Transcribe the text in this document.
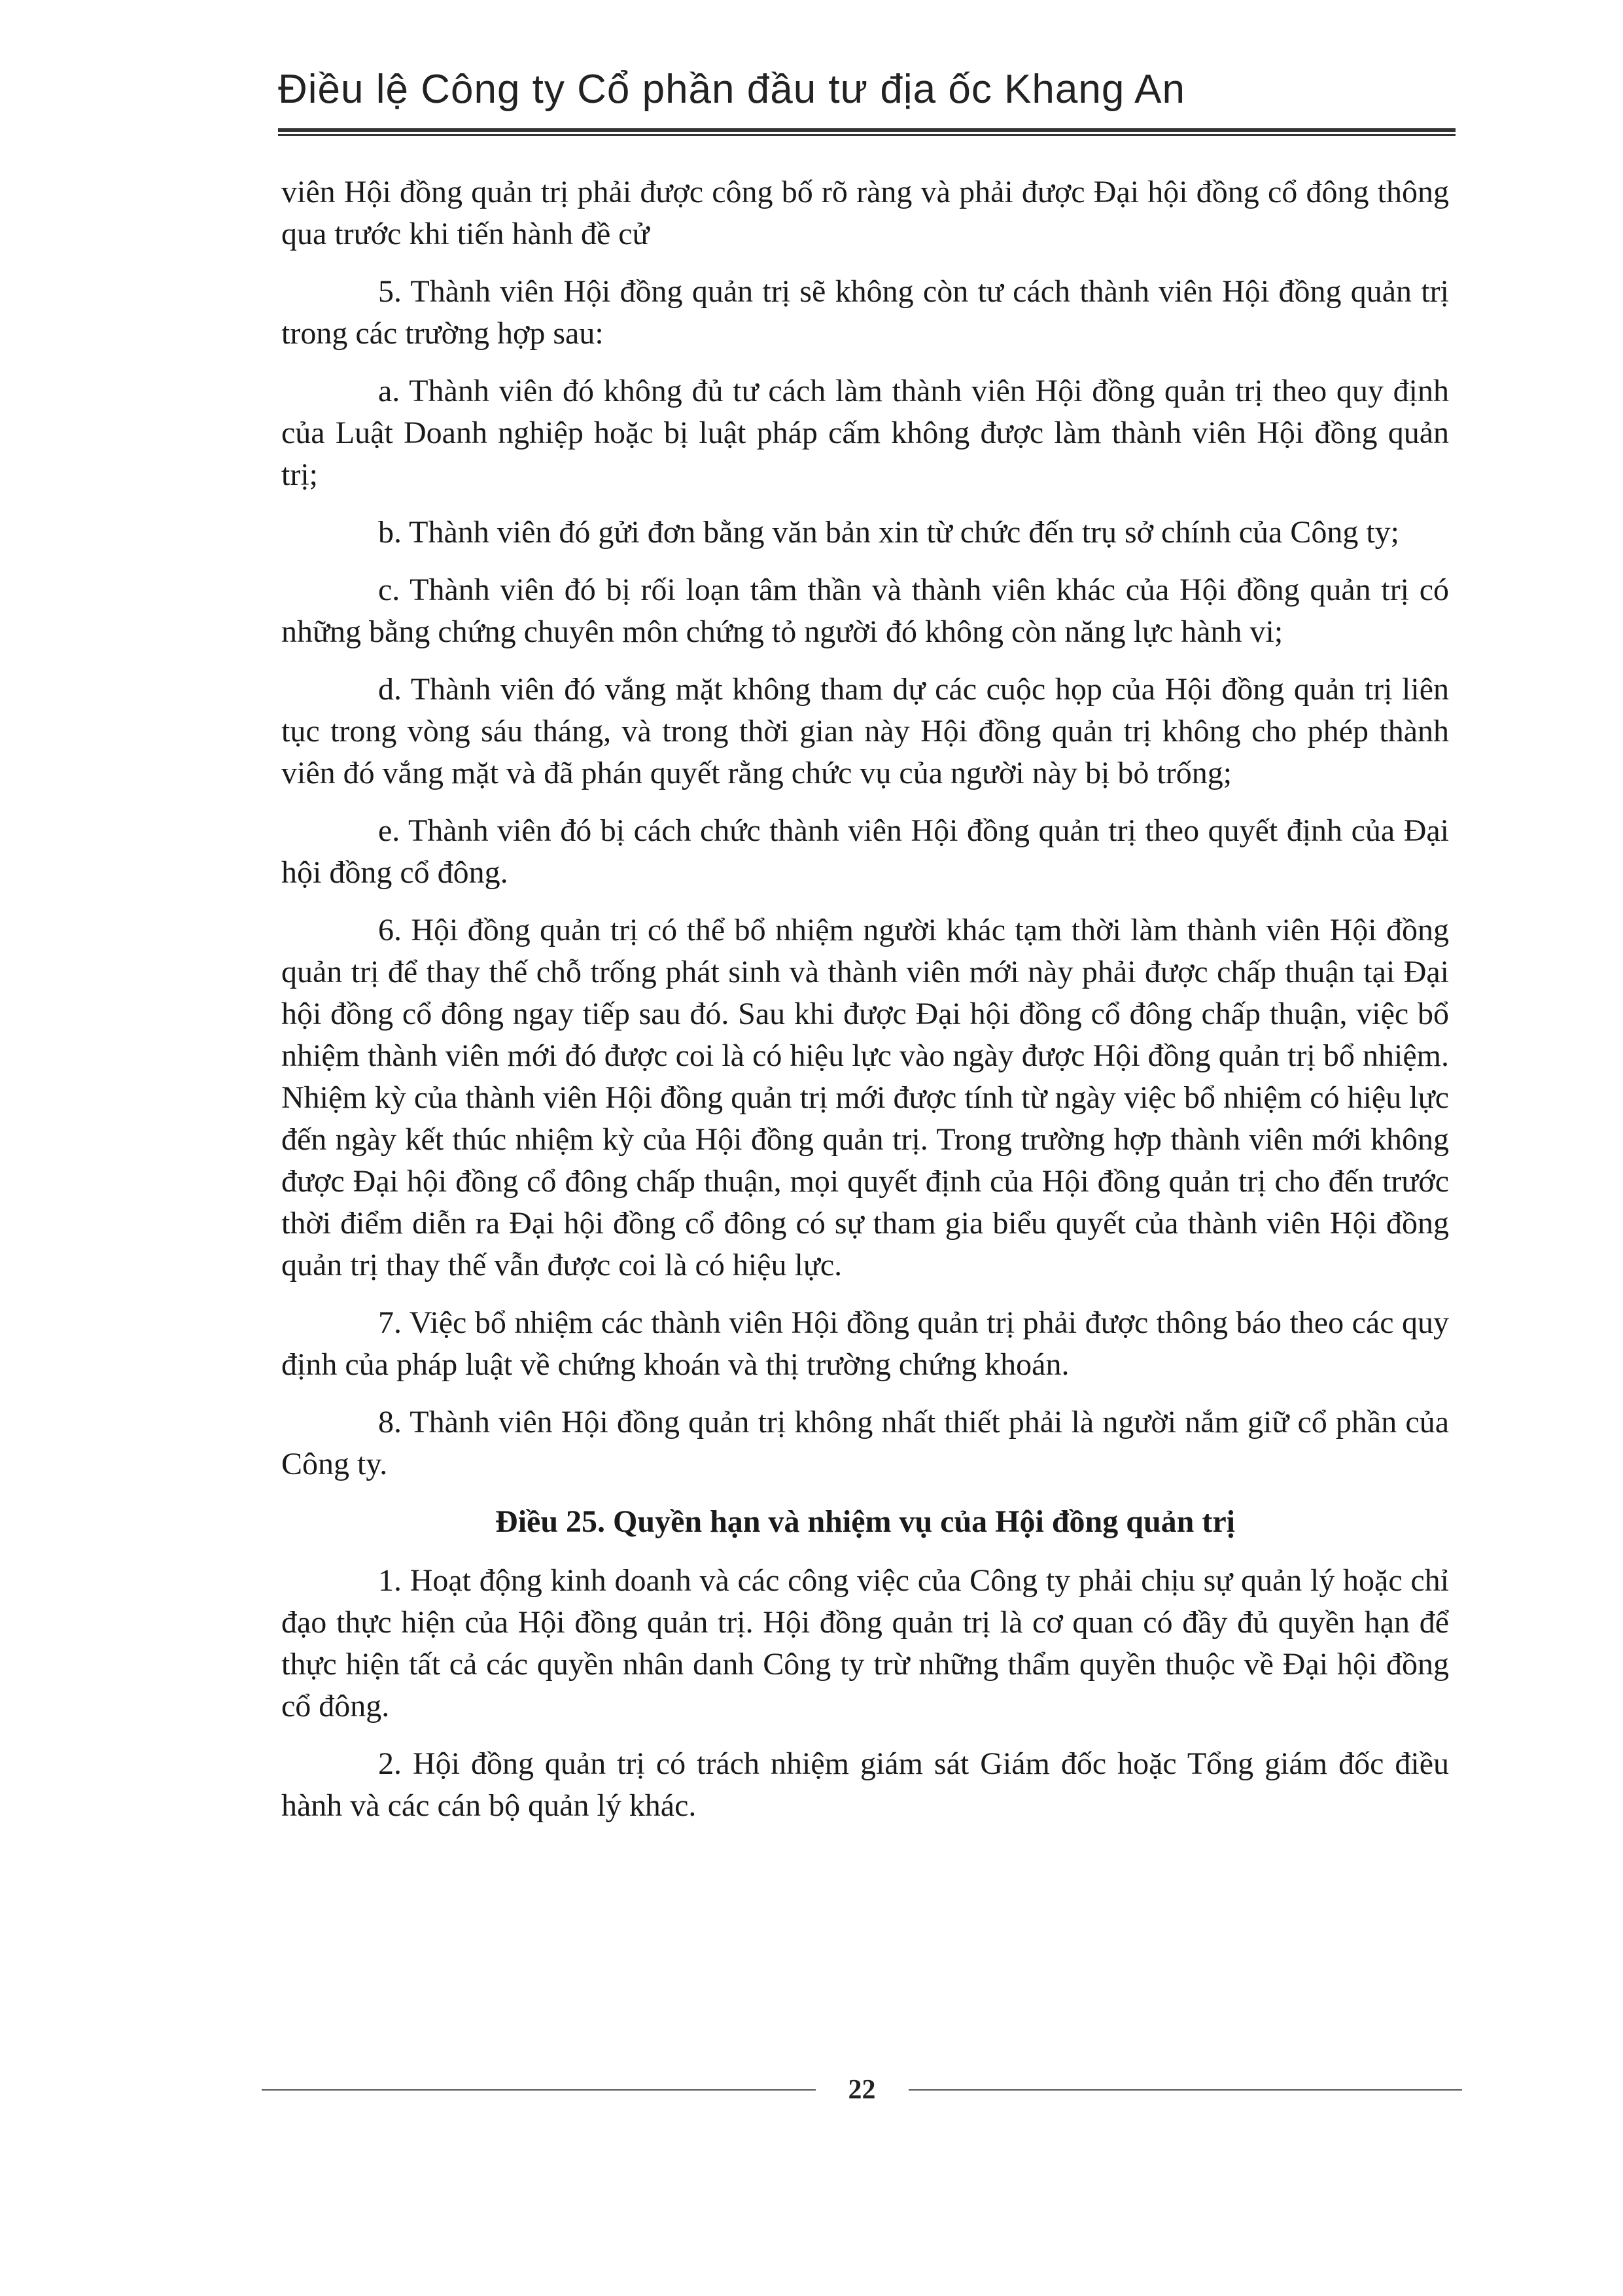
Điều lệ Công ty Cổ phần đầu tư địa ốc Khang An

viên Hội đồng quản trị phải được công bố rõ ràng và phải được Đại hội đồng cổ đông thông qua trước khi tiến hành đề cử

5. Thành viên Hội đồng quản trị sẽ không còn tư cách thành viên Hội đồng quản trị trong các trường hợp sau:

a. Thành viên đó không đủ tư cách làm thành viên Hội đồng quản trị theo quy định của Luật Doanh nghiệp hoặc bị luật pháp cấm không được làm thành viên Hội đồng quản trị;

b. Thành viên đó gửi đơn bằng văn bản xin từ chức đến trụ sở chính của Công ty;

c. Thành viên đó bị rối loạn tâm thần và thành viên khác của Hội đồng quản trị có những bằng chứng chuyên môn chứng tỏ người đó không còn năng lực hành vi;

d. Thành viên đó vắng mặt không tham dự các cuộc họp của Hội đồng quản trị liên tục trong vòng sáu tháng, và trong thời gian này Hội đồng quản trị không cho phép thành viên đó vắng mặt và đã phán quyết rằng chức vụ của người này bị bỏ trống;

e. Thành viên đó bị cách chức thành viên Hội đồng quản trị theo quyết định của Đại hội đồng cổ đông.

6. Hội đồng quản trị có thể bổ nhiệm người khác tạm thời làm thành viên Hội đồng quản trị để thay thế chỗ trống phát sinh và thành viên mới này phải được chấp thuận tại Đại hội đồng cổ đông ngay tiếp sau đó. Sau khi được Đại hội đồng cổ đông chấp thuận, việc bổ nhiệm thành viên mới đó được coi là có hiệu lực vào ngày được Hội đồng quản trị bổ nhiệm. Nhiệm kỳ của thành viên Hội đồng quản trị mới được tính từ ngày việc bổ nhiệm có hiệu lực đến ngày kết thúc nhiệm kỳ của Hội đồng quản trị. Trong trường hợp thành viên mới không được Đại hội đồng cổ đông chấp thuận, mọi quyết định của Hội đồng quản trị cho đến trước thời điểm diễn ra Đại hội đồng cổ đông có sự tham gia biểu quyết của thành viên Hội đồng quản trị thay thế vẫn được coi là có hiệu lực.

7. Việc bổ nhiệm các thành viên Hội đồng quản trị phải được thông báo theo các quy định của pháp luật về chứng khoán và thị trường chứng khoán.

8. Thành viên Hội đồng quản trị không nhất thiết phải là người nắm giữ cổ phần của Công ty.

Điều 25. Quyền hạn và nhiệm vụ của Hội đồng quản trị

1. Hoạt động kinh doanh và các công việc của Công ty phải chịu sự quản lý hoặc chỉ đạo thực hiện của Hội đồng quản trị. Hội đồng quản trị là cơ quan có đầy đủ quyền hạn để thực hiện tất cả các quyền nhân danh Công ty trừ những thẩm quyền thuộc về Đại hội đồng cổ đông.

2. Hội đồng quản trị có trách nhiệm giám sát Giám đốc hoặc Tổng giám đốc điều hành và các cán bộ quản lý khác.

22
